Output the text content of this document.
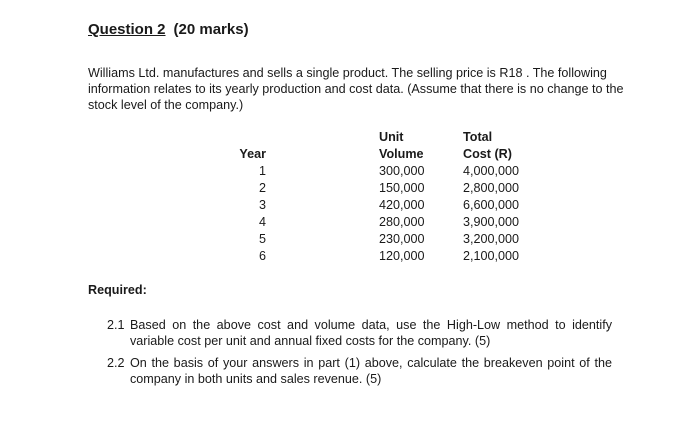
Question 2 (20 marks)
Williams Ltd. manufactures and sells a single product. The selling price is R18 . The following information relates to its yearly production and cost data. (Assume that there is no change to the stock level of the company.)
Year
1
2
3
4
5
6
Unit
Volume
300,000
150,000
420,000
280,000
230,000
120,000
Total
Cost (R)
4,000,000
2,800,000
6,600,000
3,900,000
3,200,000
2,100,000
Required:
2.1 Based on the above cost and volume data, use the High-Low method to identify variable cost per unit and annual fixed costs for the company. (5)
2.2 On the basis of your answers in part (1) above, calculate the breakeven point of the company in both units and sales revenue. (5)
